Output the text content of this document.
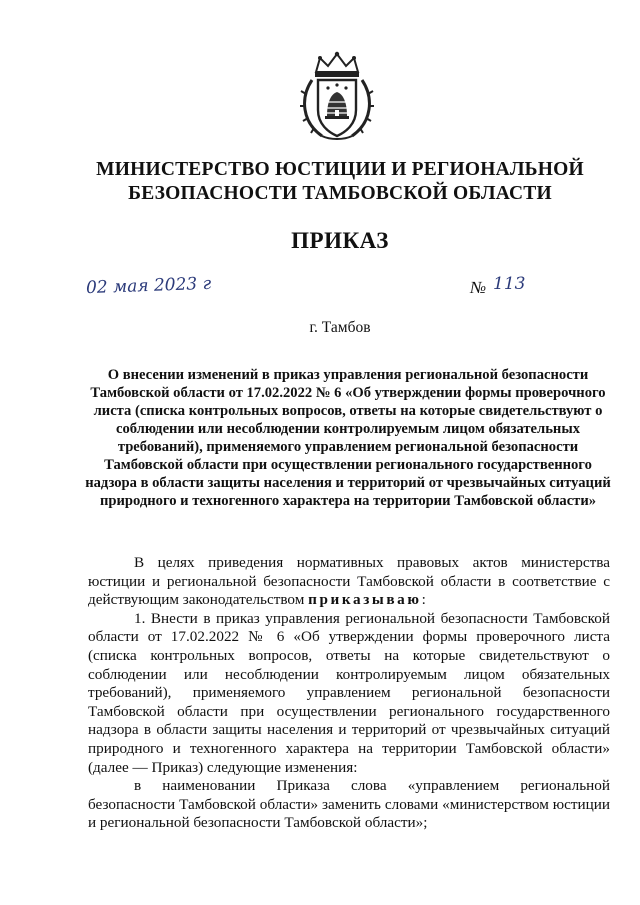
МИНИСТЕРСТВО ЮСТИЦИИ И РЕГИОНАЛЬНОЙ
БЕЗОПАСНОСТИ ТАМБОВСКОЙ ОБЛАСТИ
ПРИКАЗ
02 мая 2023 г	№ 113
г. Тамбов
О внесении изменений в приказ управления региональной безопасности Тамбовской области от 17.02.2022 № 6 «Об утверждении формы проверочного листа (списка контрольных вопросов, ответы на которые свидетельствуют о соблюдении или несоблюдении контролируемым лицом обязательных требований), применяемого управлением региональной безопасности Тамбовской области при осуществлении регионального государственного надзора в области защиты населения и территорий от чрезвычайных ситуаций природного и техногенного характера на территории Тамбовской области»

В целях приведения нормативных правовых актов министерства юстиции и региональной безопасности Тамбовской области в соответствие с действующим законодательством приказываю:

1. Внести в приказ управления региональной безопасности Тамбовской области от 17.02.2022 № 6 «Об утверждении формы проверочного листа (списка контрольных вопросов, ответы на которые свидетельствуют о соблюдении или несоблюдении контролируемым лицом обязательных требований), применяемого управлением региональной безопасности Тамбовской области при осуществлении регионального государственного надзора в области защиты населения и территорий от чрезвычайных ситуаций природного и техногенного характера на территории Тамбовской области» (далее — Приказ) следующие изменения:

в наименовании Приказа слова «управлением региональной безопасности Тамбовской области» заменить словами «министерством юстиции и региональной безопасности Тамбовской области»;
